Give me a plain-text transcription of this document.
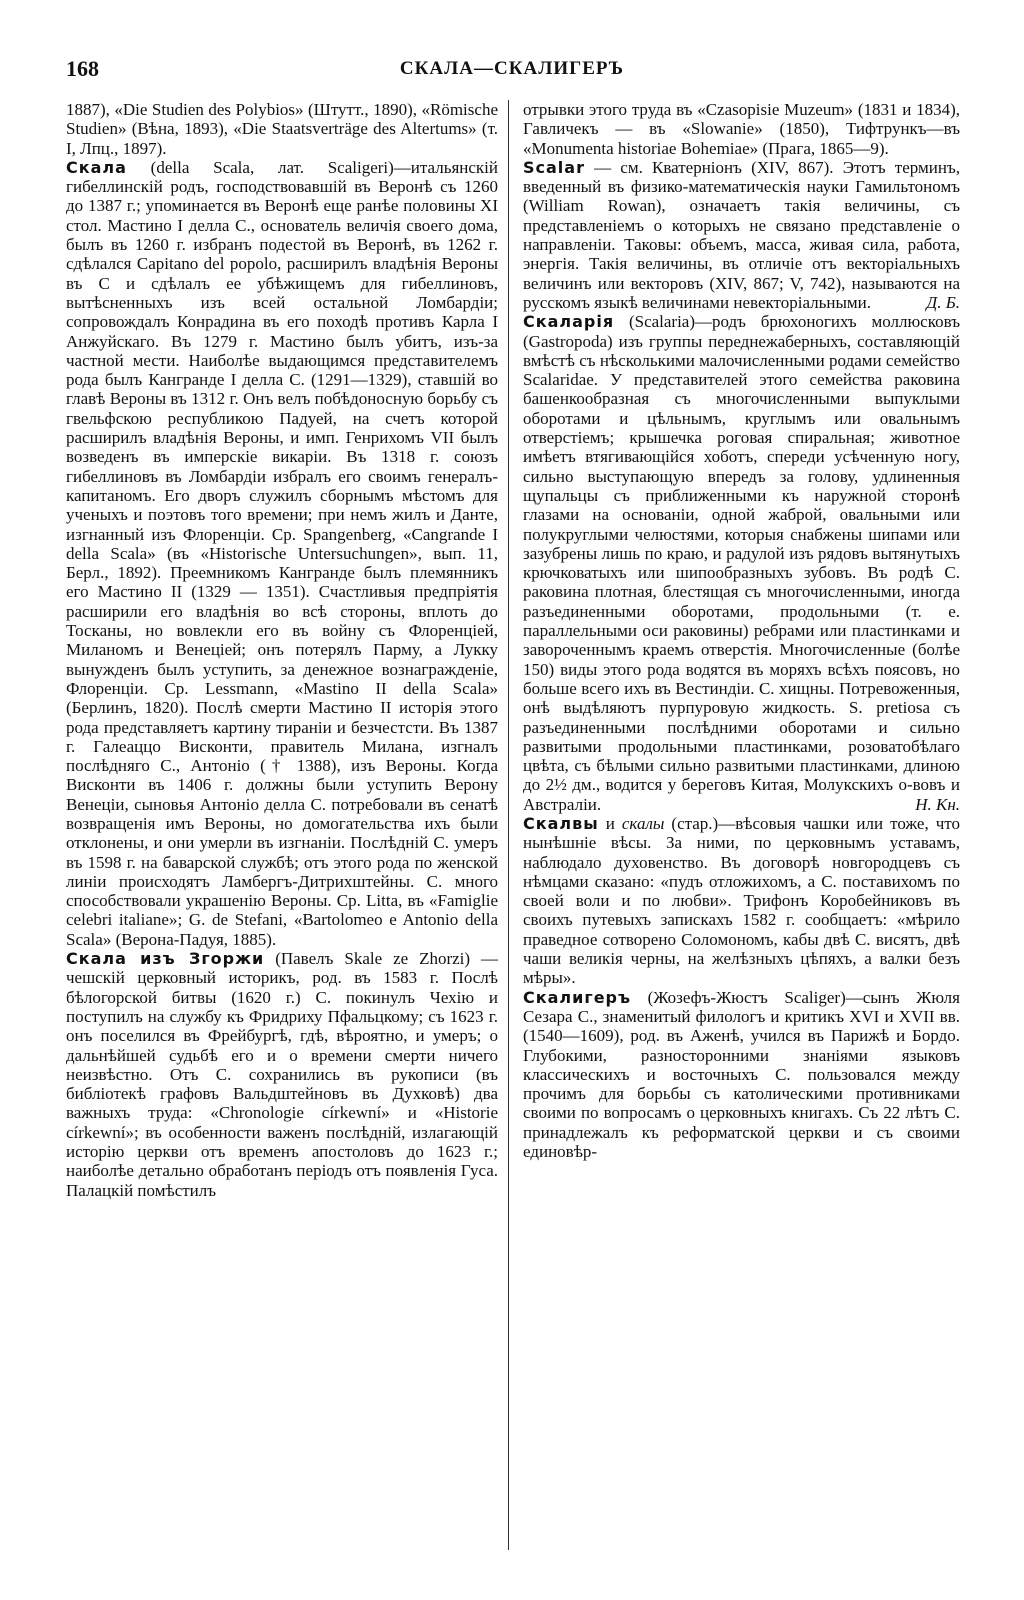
168	СКАЛА—СКАЛИГЕРЪ

1887), «Die Studien des Polybios» (Штутт., 1890), «Römische Studien» (Вѣна, 1893), «Die Staatsverträge des Altertums» (т. I, Лпц., 1897).

Скала (della Scala, лат. Scaligeri)—итальянскій гибеллинскій родъ, господствовавшій въ Веронѣ съ 1260 до 1387 г.; упоминается въ Веронѣ еще ранѣе половины XI стол. Мастино I делла С., основатель величія своего дома, былъ въ 1260 г. избранъ подестой въ Веронѣ, въ 1262 г. сдѣлался Capitano del popolo, расширилъ владѣнія Вероны въ С и сдѣлалъ ее убѣжищемъ для гибеллиновъ, вытѣсненныхъ изъ всей остальной Ломбардіи; сопровождалъ Конрадина въ его походѣ противъ Карла I Анжуйскаго. Въ 1279 г. Мастино былъ убитъ, изъ-за частной мести. Наиболѣе выдающимся представителемъ рода былъ Канграндe I делла С. (1291—1329), ставшій во главѣ Вероны въ 1312 г. Онъ велъ побѣдоносную борьбу съ гвельфскою республикою Падуей, на счетъ которой расширилъ владѣнія Вероны, и имп. Генрихомъ VII былъ возведенъ въ имперскіе викаріи. Въ 1318 г. союзъ гибеллиновъ въ Ломбардіи избралъ его своимъ генералъ-капитаномъ. Его дворъ служилъ сборнымъ мѣстомъ для ученыхъ и поэтовъ того времени; при немъ жилъ и Данте, изгнанный изъ Флоренціи. Ср. Spangenberg, «Cangrande I della Scala» (въ «Historische Untersuchungen», вып. 11, Берл., 1892). Преемникомъ Канграндe былъ племянникъ его Мастино II (1329 — 1351). Счастливыя предпріятія расширили его владѣнія во всѣ стороны, вплоть до Тосканы, но вовлекли его въ войну съ Флоренціей, Миланомъ и Венеціей; онъ потерялъ Парму, а Лукку вынужденъ былъ уступить, за денежное вознагражденіе, Флоренціи. Ср. Lessmann, «Mastino II della Scala» (Берлинъ, 1820). Послѣ смерти Мастино II исторія этого рода представляетъ картину тираніи и безчестсти. Въ 1387 г. Галеаццо Висконти, правитель Милана, изгналъ послѣдняго С., Антоніо († 1388), изъ Вероны. Когда Висконти въ 1406 г. должны были уступить Верону Венеціи, сыновья Антоніо делла С. потребовали въ сенатѣ возвращенія имъ Вероны, но домогательства ихъ были отклонены, и они умерли въ изгнаніи. Послѣдній С. умеръ въ 1598 г. на баварской службѣ; отъ этого рода по женской линіи происходятъ Ламбергъ-Дитрихштейны. С. много способствовали украшенію Вероны. Ср. Litta, въ «Famiglie celebri italiane»; G. de Stefani, «Bartolomeo e Antonio della Scala» (Верона-Падуя, 1885).

Скала изъ Згоржи (Павелъ Skale ze Zhorzi) — чешскій церковный историкъ, род. въ 1583 г. Послѣ бѣлогорской битвы (1620 г.) С. покинулъ Чехію и поступилъ на службу къ Фридриху Пфальцкому; съ 1623 г. онъ поселился въ Фрейбургѣ, гдѣ, вѣроятно, и умеръ; о дальнѣйшей судьбѣ его и о времени смерти ничего неизвѣстно. Отъ С. сохранились въ рукописи (въ библіотекѣ графовъ Вальдштейновъ въ Духковѣ) два важныхъ труда: «Chronologie církewní» и «Historie církewní»; въ особенности важенъ послѣдній, излагающій исторію церкви отъ временъ апостоловъ до 1623 г.; наиболѣе детально обработанъ періодъ отъ появленія Гуса. Палацкій помѣстилъ

отрывки этого труда въ «Czasopisie Muzeum» (1831 и 1834), Гавличекъ — въ «Slowanie» (1850), Тифтрункъ—въ «Monumenta historiae Bohemiae» (Прага, 1865—9).

Scalar — см. Кватерніонъ (XIV, 867). Этотъ терминъ, введенный въ физико-математическія науки Гамильтономъ (William Rowan), означаетъ такія величины, съ представленіемъ о которыхъ не связано представленіе о направленіи. Таковы: объемъ, масса, живая сила, работа, энергія. Такія величины, въ отличіе отъ векторіальныхъ величинъ или векторовъ (XIV, 867; V, 742), называются на русскомъ языкѣ величинами невекторіальными.	Д. Б.

Скаларія (Scalaria)—родъ брюхоногихъ моллюсковъ (Gastropoda) изъ группы переднежаберныхъ, составляющій вмѣстѣ съ нѣсколькими малочисленными родами семейство Scalaridae. У представителей этого семейства раковина башенкообразная съ многочисленными выпуклыми оборотами и цѣльнымъ, круглымъ или овальнымъ отверстіемъ; крышечка роговая спиральная; животное имѣетъ втягивающійся хоботъ, спереди усѣченную ногу, сильно выступающую впередъ за голову, удлиненныя щупальцы съ приближенными къ наружной сторонѣ глазами на основаніи, одной жаброй, овальными или полукруглыми челюстями, которыя снабжены шипами или зазубрены лишь по краю, и радулой изъ рядовъ вытянутыхъ крючковатыхъ или шипообразныхъ зубовъ. Въ родѣ С. раковина плотная, блестящая съ многочисленными, иногда разъединенными оборотами, продольными (т. е. параллельными оси раковины) ребрами или пластинками и завороченнымъ краемъ отверстія. Многочисленные (болѣе 150) виды этого рода водятся въ моряхъ всѣхъ поясовъ, но больше всего ихъ въ Вестиндіи. С. хищны. Потревоженныя, онѣ выдѣляютъ пурпуровую жидкость. S. pretiosa съ разъединенными послѣдними оборотами и сильно развитыми продольными пластинками, розоватобѣлаго цвѣта, съ бѣлыми сильно развитыми пластинками, длиною до 2½ дм., водится у береговъ Китая, Молукскихъ о-вовъ и Австраліи.	Н. Кн.

Скалвы и скалы (стар.)—вѣсовыя чашки или тоже, что нынѣшніе вѣсы. За ними, по церковнымъ уставамъ, наблюдало духовенство. Въ договорѣ новгородцевъ съ нѣмцами сказано: «пудъ отложихомъ, а С. поставихомъ по своей воли и по любви». Трифонъ Коробейниковъ въ своихъ путевыхъ запискахъ 1582 г. сообщаетъ: «мѣрило праведное сотворено Соломономъ, кабы двѣ С. висятъ, двѣ чаши великія черны, на желѣзныхъ цѣпяхъ, а валки безъ мѣры».

Скалигеръ (Жозефъ-Жюстъ Scaliger)—сынъ Жюля Сезара С., знаменитый филологъ и критикъ XVI и XVII вв. (1540—1609), род. въ Аженѣ, учился въ Парижѣ и Бордо. Глубокими, разносторонними знаніями языковъ классическихъ и восточныхъ С. пользовался между прочимъ для борьбы съ католическими противниками своими по вопросамъ о церковныхъ книгахъ. Съ 22 лѣтъ С. принадлежалъ къ реформатской церкви и съ своими единовѣр-
